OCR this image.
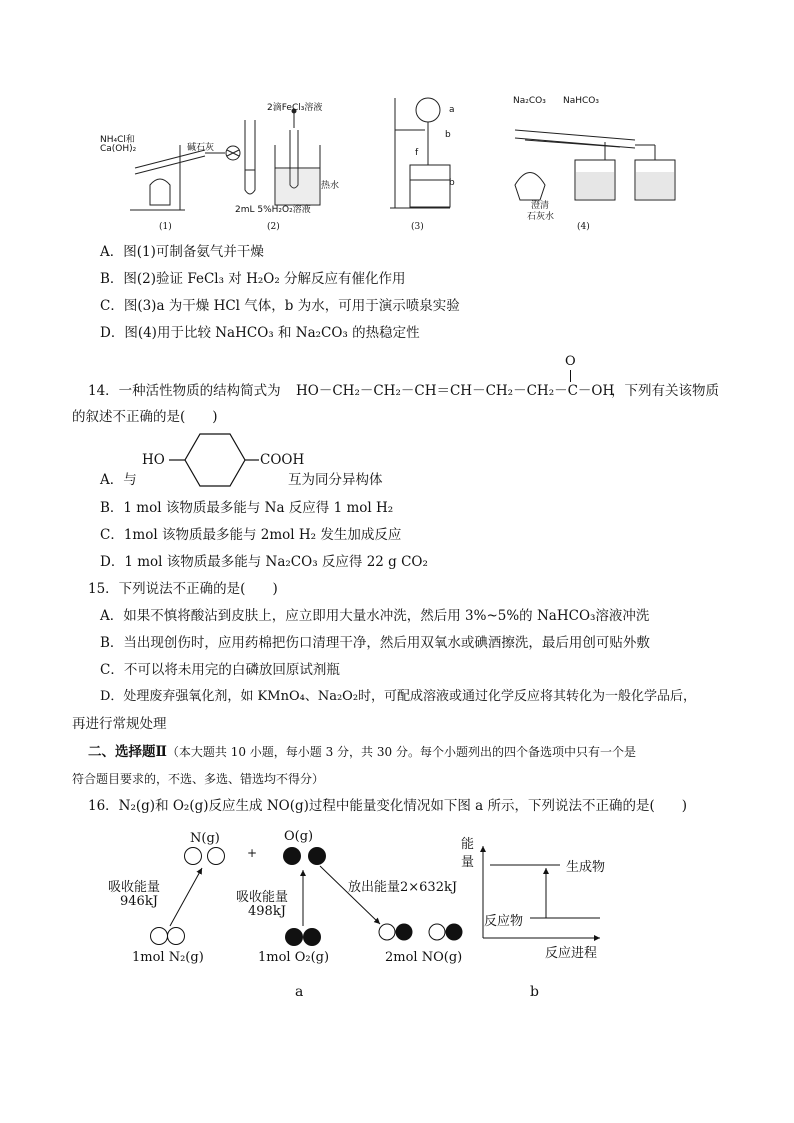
NH₄Cl和
Ca(OH)₂	碱石灰
(1)
2滴FeCl₃溶液
热水
2mL 5%H₂O₂溶液
(2)
a
b
f
b
(3)
Na₂CO₃ NaHCO₃
澄清
石灰水
(4)
A．图(1)可制备氨气并干燥
B．图(2)验证 FeCl₃ 对 H₂O₂ 分解反应有催化作用
C．图(3)a 为干燥 HCl 气体，b 为水，可用于演示喷泉实验
D．图(4)用于比较 NaHCO₃ 和 Na₂CO₃ 的热稳定性
14．一种活性物质的结构简式为 HO－CH₂－CH₂－CH＝CH－CH₂－CH₂－C－OH
O
，下列有关该物质
的叙述不正确的是(　　)
A．与
HO	COOH
互为同分异构体
B．1 mol 该物质最多能与 Na 反应得 1 mol H₂
C．1mol 该物质最多能与 2mol H₂ 发生加成反应
D．1 mol 该物质最多能与 Na₂CO₃ 反应得 22 g CO₂
15．下列说法不正确的是(　　)
A．如果不慎将酸沾到皮肤上，应立即用大量水冲洗，然后用 3%~5%的 NaHCO₃溶液冲洗
B．当出现创伤时，应用药棉把伤口清理干净，然后用双氧水或碘酒擦洗，最后用创可贴外敷
C．不可以将未用完的白磷放回原试剂瓶
D．处理废弃强氧化剂，如 KMnO₄、Na₂O₂时，可配成溶液或通过化学反应将其转化为一般化学品后，
再进行常规处理
二、选择题Ⅱ（本大题共 10 小题，每小题 3 分，共 30 分。每个小题列出的四个备选项中只有一个是
符合题目要求的，不选、多选、错选均不得分）
16．N₂(g)和 O₂(g)反应生成 NO(g)过程中能量变化情况如下图 a 所示，下列说法不正确的是(　　)
N(g)	O(g)
+
吸收能量
946kJ	吸收能量
498kJ
放出能量2×632kJ
1mol N₂(g)	1mol O₂(g)	2mol NO(g)
a
能
量	生成物
反应物
反应进程
b
